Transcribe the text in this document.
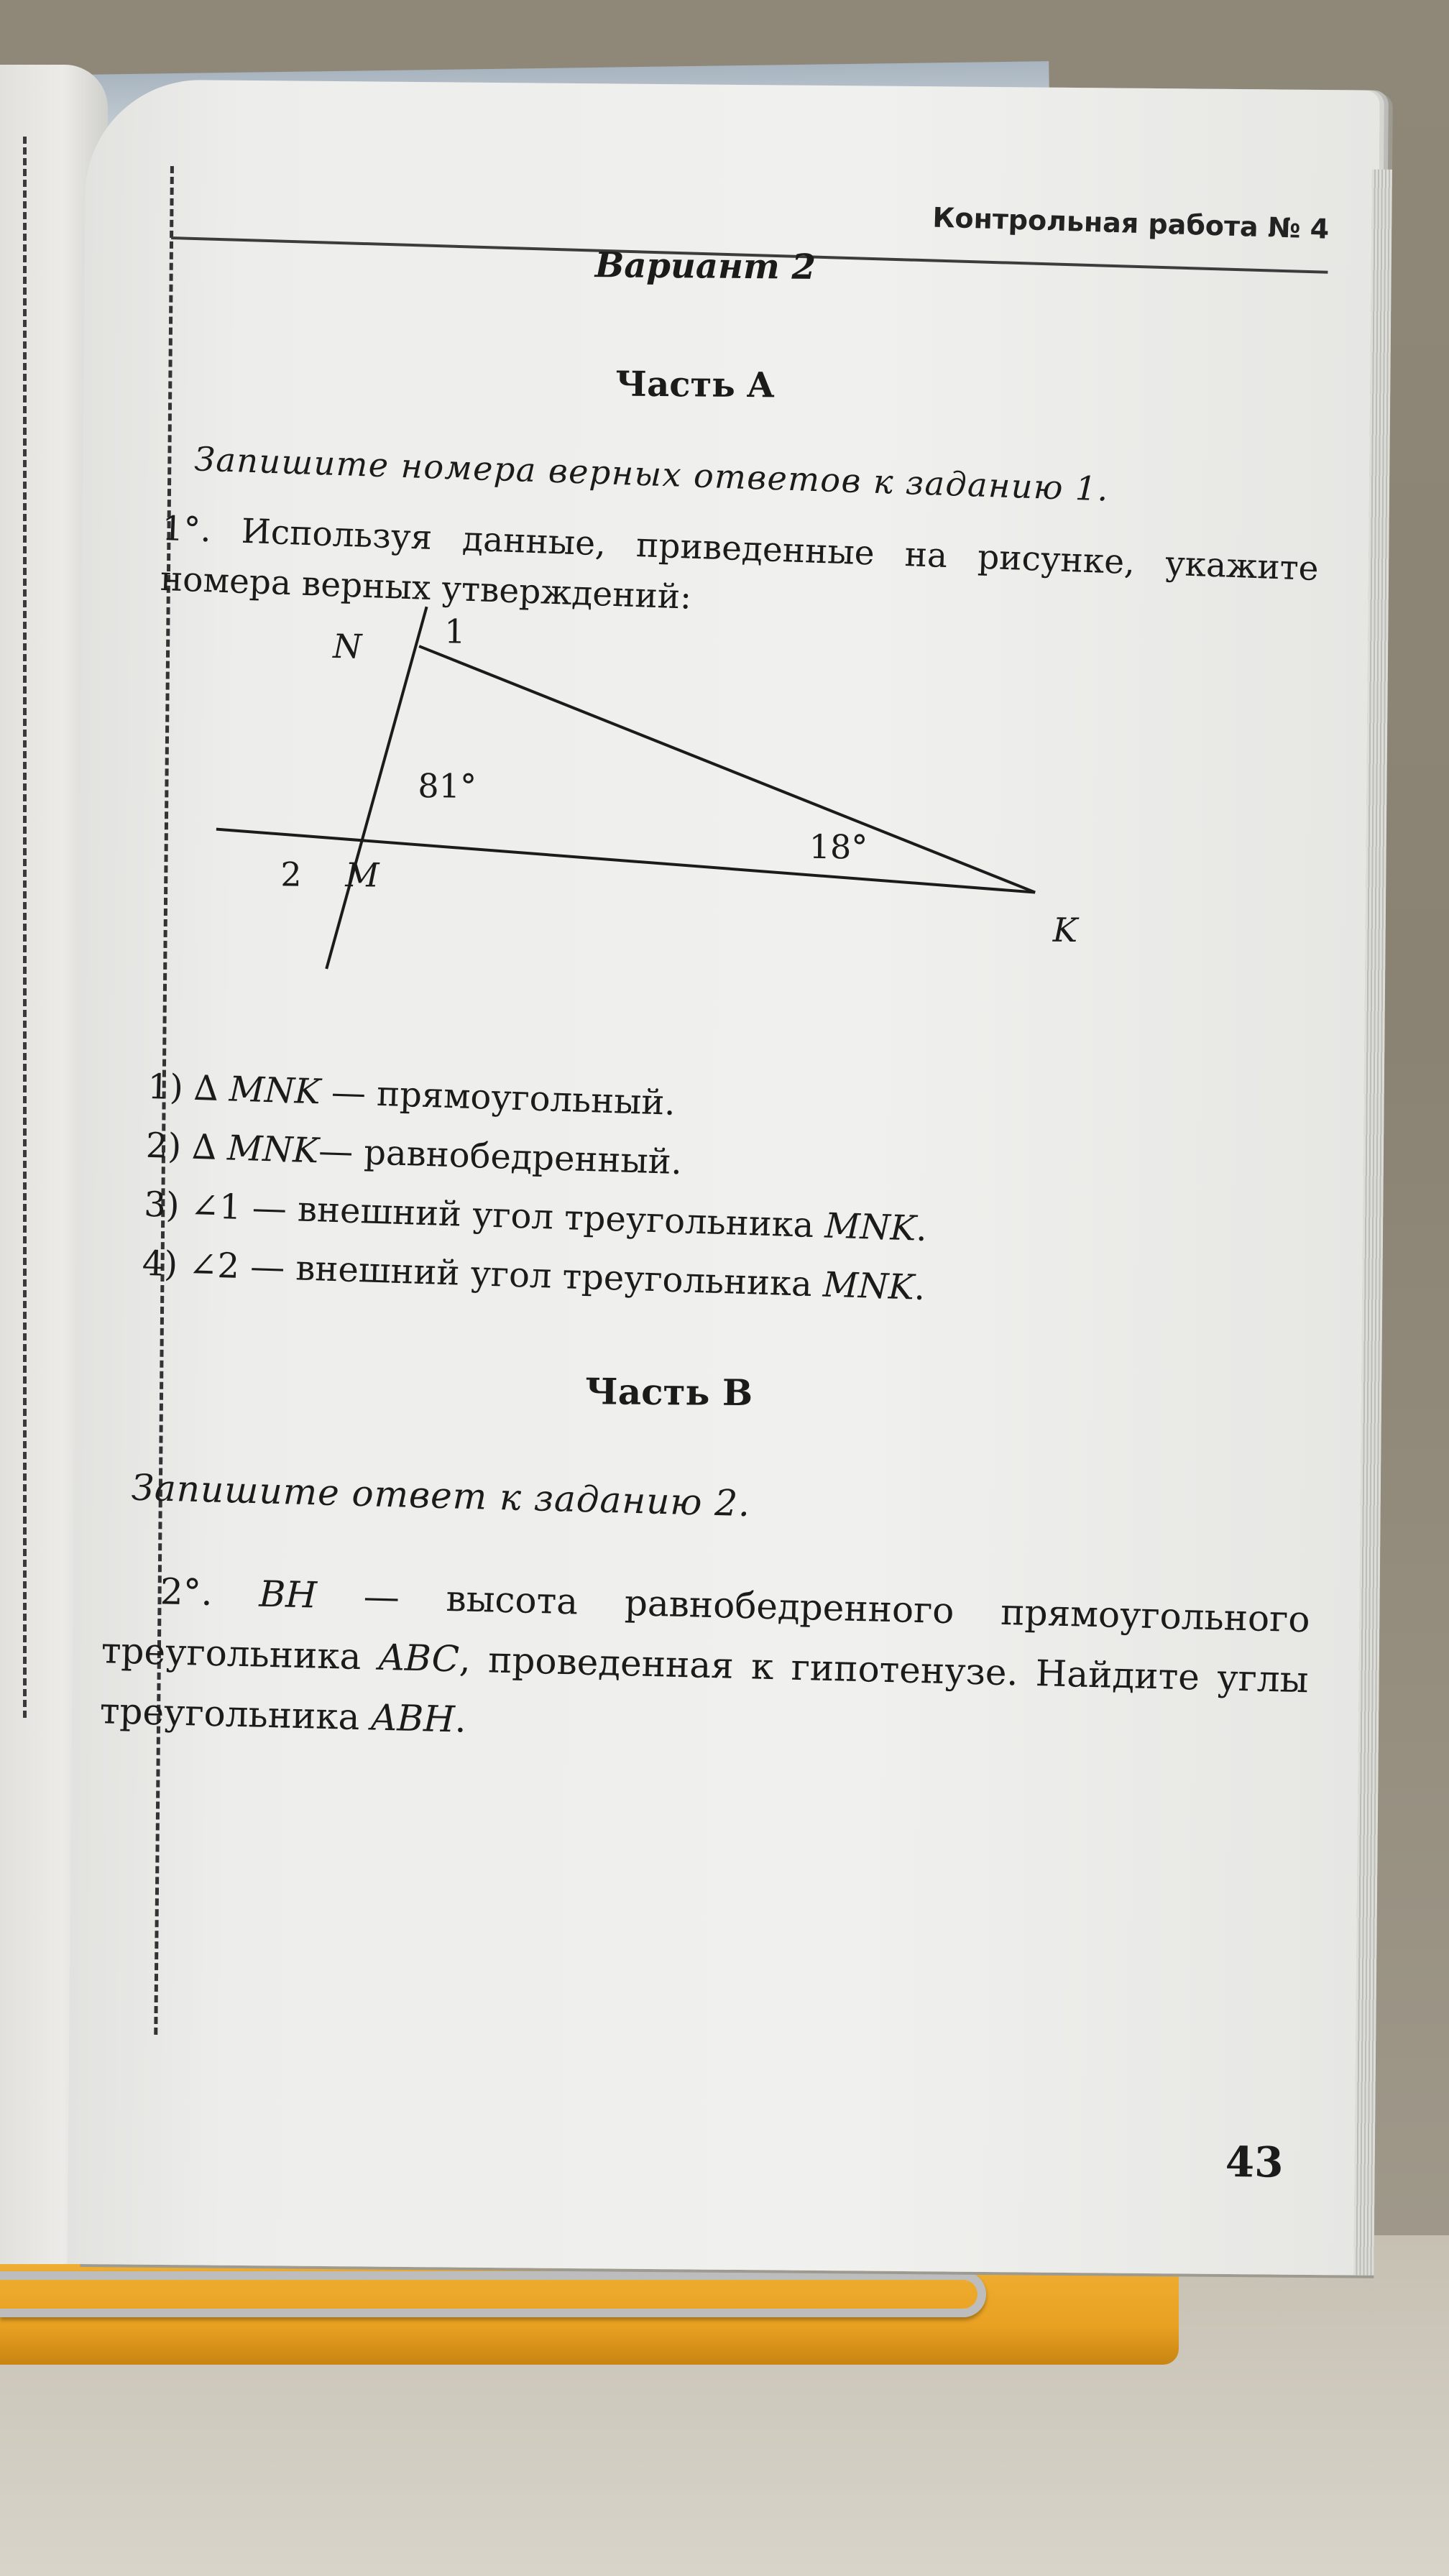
Контрольная работа № 4
Вариант 2
Часть A
Запишите номера верных ответов к заданию 1.
1°. Используя данные, приведенные на рисунке, укажите номера верных утверждений:
N 1
81°
18°
2 M
K
1) ∆ MNK — прямоугольный.
2) ∆ MNK— равнобедренный.
3) ∠1 — внешний угол треугольника MNK.
4) ∠2 — внешний угол треугольника MNK.
Часть B
Запишите ответ к заданию 2.
2°. BH — высота равнобедренного прямоугольного треугольника ABC, проведенная к гипотенузе. Найдите углы треугольника ABH.
43
